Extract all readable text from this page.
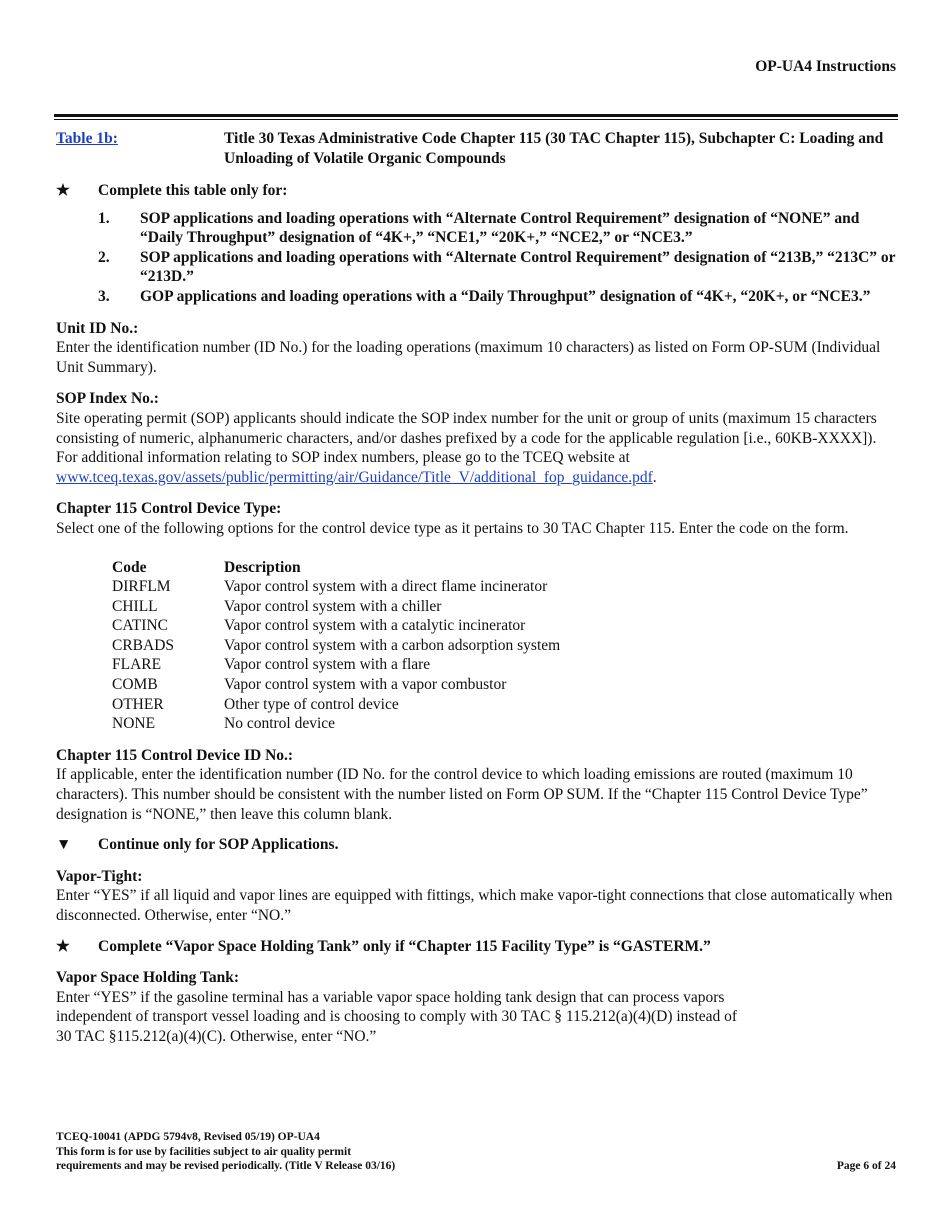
OP-UA4 Instructions
Table 1b:	Title 30 Texas Administrative Code Chapter 115 (30 TAC Chapter 115), Subchapter C: Loading and Unloading of Volatile Organic Compounds

★	Complete this table only for:

1. SOP applications and loading operations with “Alternate Control Requirement” designation of “NONE” and “Daily Throughput” designation of “4K+,” “NCE1,” “20K+,” “NCE2,” or “NCE3.”
2. SOP applications and loading operations with “Alternate Control Requirement” designation of “213B,” “213C” or “213D.”
3. GOP applications and loading operations with a “Daily Throughput” designation of “4K+, “20K+, or “NCE3.”
Unit ID No.:

Enter the identification number (ID No.) for the loading operations (maximum 10 characters) as listed on Form OP-SUM (Individual Unit Summary).

SOP Index No.:

Site operating permit (SOP) applicants should indicate the SOP index number for the unit or group of units (maximum 15 characters consisting of numeric, alphanumeric characters, and/or dashes prefixed by a code for the applicable regulation [i.e., 60KB-XXXX]). For additional information relating to SOP index numbers, please go to the TCEQ website at www.tceq.texas.gov/assets/public/permitting/air/Guidance/Title_V/additional_fop_guidance.pdf.

Chapter 115 Control Device Type:

Select one of the following options for the control device type as it pertains to 30 TAC Chapter 115. Enter the code on the form.

Code	Description
DIRFLM	Vapor control system with a direct flame incinerator
CHILL	Vapor control system with a chiller
CATINC	Vapor control system with a catalytic incinerator
CRBADS	Vapor control system with a carbon adsorption system
FLARE	Vapor control system with a flare
COMB	Vapor control system with a vapor combustor
OTHER	Other type of control device
NONE	No control device
Chapter 115 Control Device ID No.:

If applicable, enter the identification number (ID No. for the control device to which loading emissions are routed (maximum 10 characters). This number should be consistent with the number listed on Form OP SUM. If the “Chapter 115 Control Device Type” designation is “NONE,” then leave this column blank.

▼	Continue only for SOP Applications.

Vapor-Tight:

Enter “YES” if all liquid and vapor lines are equipped with fittings, which make vapor-tight connections that close automatically when disconnected. Otherwise, enter “NO.”

★	Complete “Vapor Space Holding Tank” only if “Chapter 115 Facility Type” is “GASTERM.”

Vapor Space Holding Tank:

Enter “YES” if the gasoline terminal has a variable vapor space holding tank design that can process vapors
independent of transport vessel loading and is choosing to comply with 30 TAC § 115.212(a)(4)(D) instead of
30 TAC §115.212(a)(4)(C). Otherwise, enter “NO.”

TCEQ-10041 (APDG 5794v8, Revised 05/19) OP-UA4
This form is for use by facilities subject to air quality permit
requirements and may be revised periodically. (Title V Release 03/16)	Page 6 of 24
